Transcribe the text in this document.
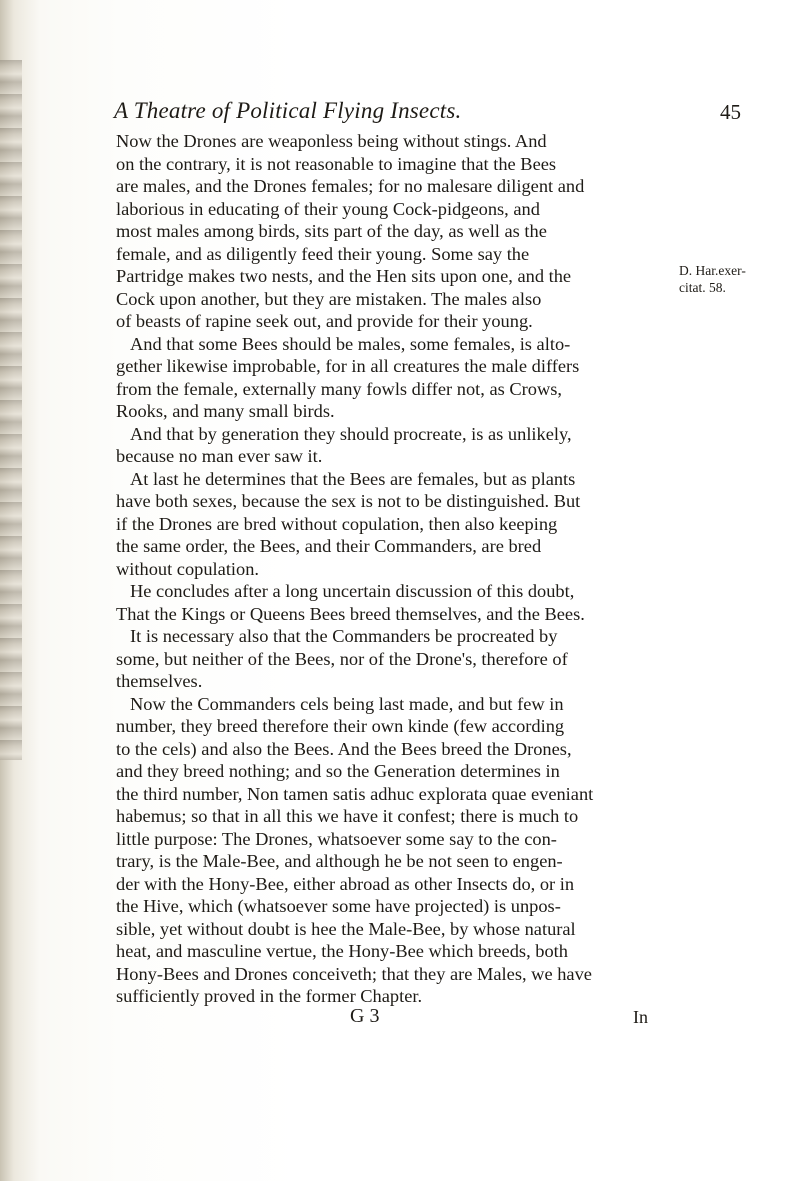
A Theatre of Political Flying Insects.	45
Now the Drones are weaponless being without stings. And
on the contrary, it is not reasonable to imagine that the Bees
are males, and the Drones females; for no malesare diligent and
laborious in educating of their young Cock-pidgeons, and
most males among birds, sits part of the day, as well as the
female, and as diligently feed their young. Some say the
Partridge makes two nests, and the Hen sits upon one, and the
Cock upon another, but they are mistaken. The males also
of beasts of rapine seek out, and provide for their young.
And that some Bees should be males, some females, is alto-
gether likewise improbable, for in all creatures the male differs
from the female, externally many fowls differ not, as Crows,
Rooks, and many small birds.
And that by generation they should procreate, is as unlikely,
because no man ever saw it.
At last he determines that the Bees are females, but as plants
have both sexes, because the sex is not to be distinguished. But
if the Drones are bred without copulation, then also keeping
the same order, the Bees, and their Commanders, are bred
without copulation.
He concludes after a long uncertain discussion of this doubt,
That the Kings or Queens Bees breed themselves, and the Bees.
It is necessary also that the Commanders be procreated by
some, but neither of the Bees, nor of the Drone's, therefore of
themselves.
Now the Commanders cels being last made, and but few in
number, they breed therefore their own kinde (few according
to the cels) and also the Bees. And the Bees breed the Drones,
and they breed nothing; and so the Generation determines in
the third number, Non tamen satis adhuc explorata quae eveniant
habemus; so that in all this we have it confest; there is much to
little purpose: The Drones, whatsoever some say to the con-
trary, is the Male-Bee, and although he be not seen to engen-
der with the Hony-Bee, either abroad as other Insects do, or in
the Hive, which (whatsoever some have projected) is unpos-
sible, yet without doubt is hee the Male-Bee, by whose natural
heat, and masculine vertue, the Hony-Bee which breeds, both
Hony-Bees and Drones conceiveth; that they are Males, we have
sufficiently proved in the former Chapter.
D. Har.exer-
citat. 58.
G 3	In
